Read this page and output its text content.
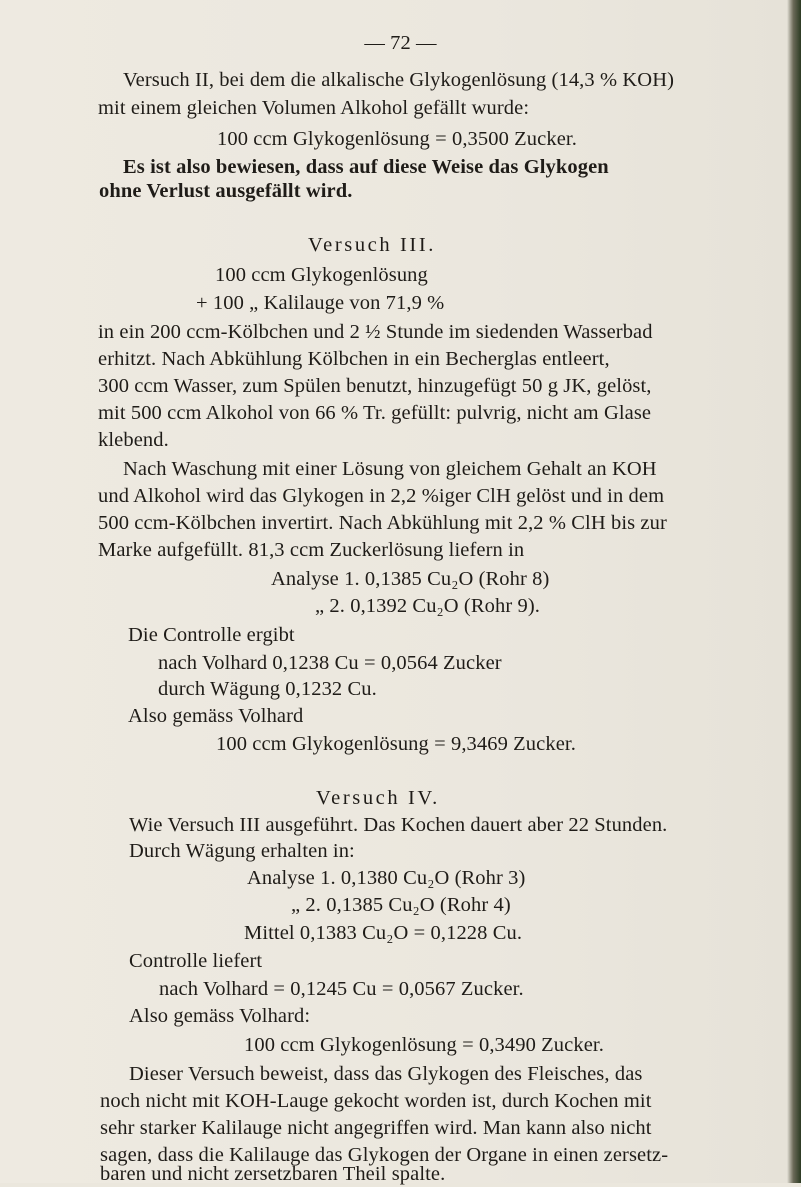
— 72 —
Versuch II, bei dem die alkalische Glykogenlösung (14,3 % KOH)
mit einem gleichen Volumen Alkohol gefällt wurde:
100 ccm Glykogenlösung = 0,3500 Zucker.
Es ist also bewiesen, dass auf diese Weise das Glykogen
ohne Verlust ausgefällt wird.
Versuch III.
100 ccm Glykogenlösung
+ 100 „ Kalilauge von 71,9 %
in ein 200 ccm-Kölbchen und 2 ½ Stunde im siedenden Wasserbad
erhitzt. Nach Abkühlung Kölbchen in ein Becherglas entleert,
300 ccm Wasser, zum Spülen benutzt, hinzugefügt 50 g JK, gelöst,
mit 500 ccm Alkohol von 66 % Tr. gefüllt: pulvrig, nicht am Glase
klebend.
Nach Waschung mit einer Lösung von gleichem Gehalt an KOH
und Alkohol wird das Glykogen in 2,2 %iger ClH gelöst und in dem
500 ccm-Kölbchen invertirt. Nach Abkühlung mit 2,2 % ClH bis zur
Marke aufgefüllt. 81,3 ccm Zuckerlösung liefern in
Analyse 1. 0,1385 Cu₂O (Rohr 8)
„ 2. 0,1392 Cu₂O (Rohr 9).
Die Controlle ergibt
nach Volhard 0,1238 Cu = 0,0564 Zucker
durch Wägung 0,1232 Cu.
Also gemäss Volhard
100 ccm Glykogenlösung = 9,3469 Zucker.
Versuch IV.
Wie Versuch III ausgeführt. Das Kochen dauert aber 22 Stunden.
Durch Wägung erhalten in:
Analyse 1. 0,1380 Cu₂O (Rohr 3)
„ 2. 0,1385 Cu₂O (Rohr 4)
Mittel 0,1383 Cu₂O = 0,1228 Cu.
Controlle liefert
nach Volhard = 0,1245 Cu = 0,0567 Zucker.
Also gemäss Volhard:
100 ccm Glykogenlösung = 0,3490 Zucker.
Dieser Versuch beweist, dass das Glykogen des Fleisches, das
noch nicht mit KOH-Lauge gekocht worden ist, durch Kochen mit
sehr starker Kalilauge nicht angegriffen wird. Man kann also nicht
sagen, dass die Kalilauge das Glykogen der Organe in einen zersetz-
baren und nicht zersetzbaren Theil spalte.
